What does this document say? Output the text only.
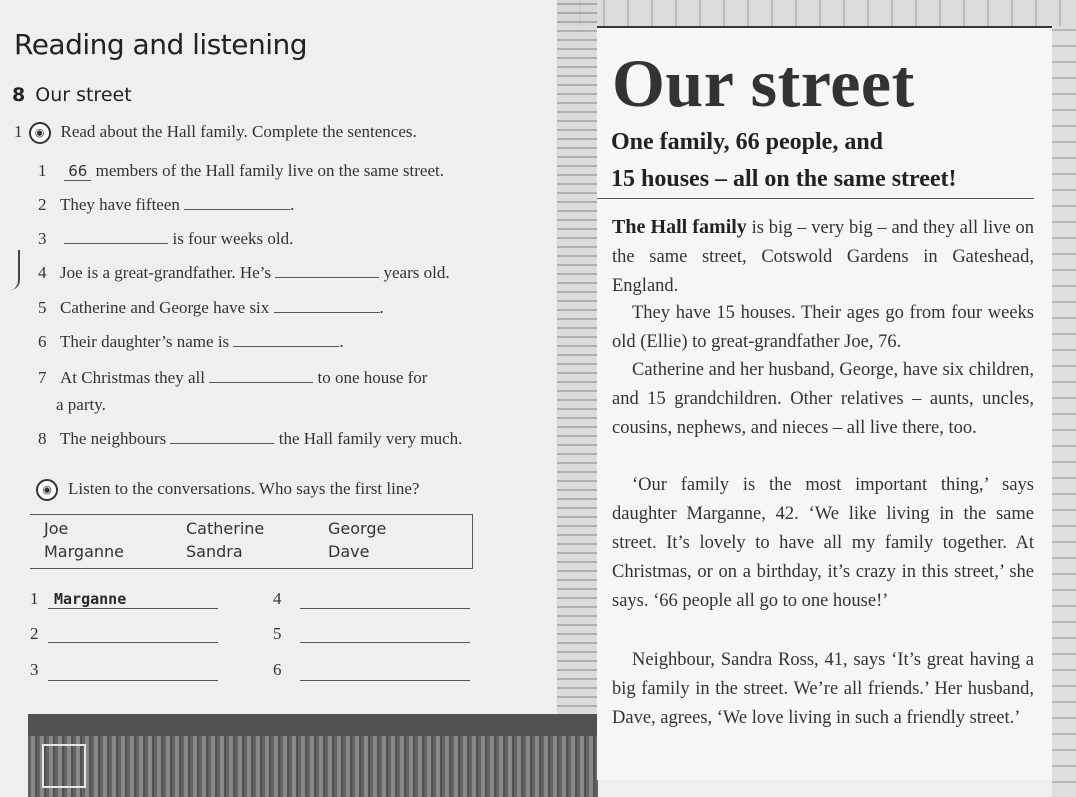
Reading and listening
8 Our street
1 ◉ Read about the Hall family. Complete the sentences.
1 66 members of the Hall family live on the same street.
2 They have fifteen	.
3	is four weeks old.
4 Joe is a great-grandfather. He’s	years old.
5 Catherine and George have six	.
6 Their daughter’s name is	.
7 At Christmas they all	to one house for
a party.
8 The neighbours	the Hall family very much.
◉ Listen to the conversations. Who says the first line?
Joe	Catherine	George
Marganne	Sandra	Dave
1 Marganne
2
3
4
5
6
Our street
One family, 66 people, and
15 houses – all on the same street!
The Hall family is big – very big – and they all live on the same street, Cotswold Gardens in Gateshead, England.
They have 15 houses. Their ages go from four weeks old (Ellie) to great-grandfather Joe, 76.
Catherine and her husband, George, have six children, and 15 grandchildren. Other relatives – aunts, uncles, cousins, nephews, and nieces – all live there, too.
‘Our family is the most important thing,’ says daughter Marganne, 42. ‘We like living in the same street. It’s lovely to have all my family together. At Christmas, or on a birthday, it’s crazy in this street,’ she says. ‘66 people all go to one house!’
Neighbour, Sandra Ross, 41, says ‘It’s great having a big family in the street. We’re all friends.’ Her husband, Dave, agrees, ‘We love living in such a friendly street.’
